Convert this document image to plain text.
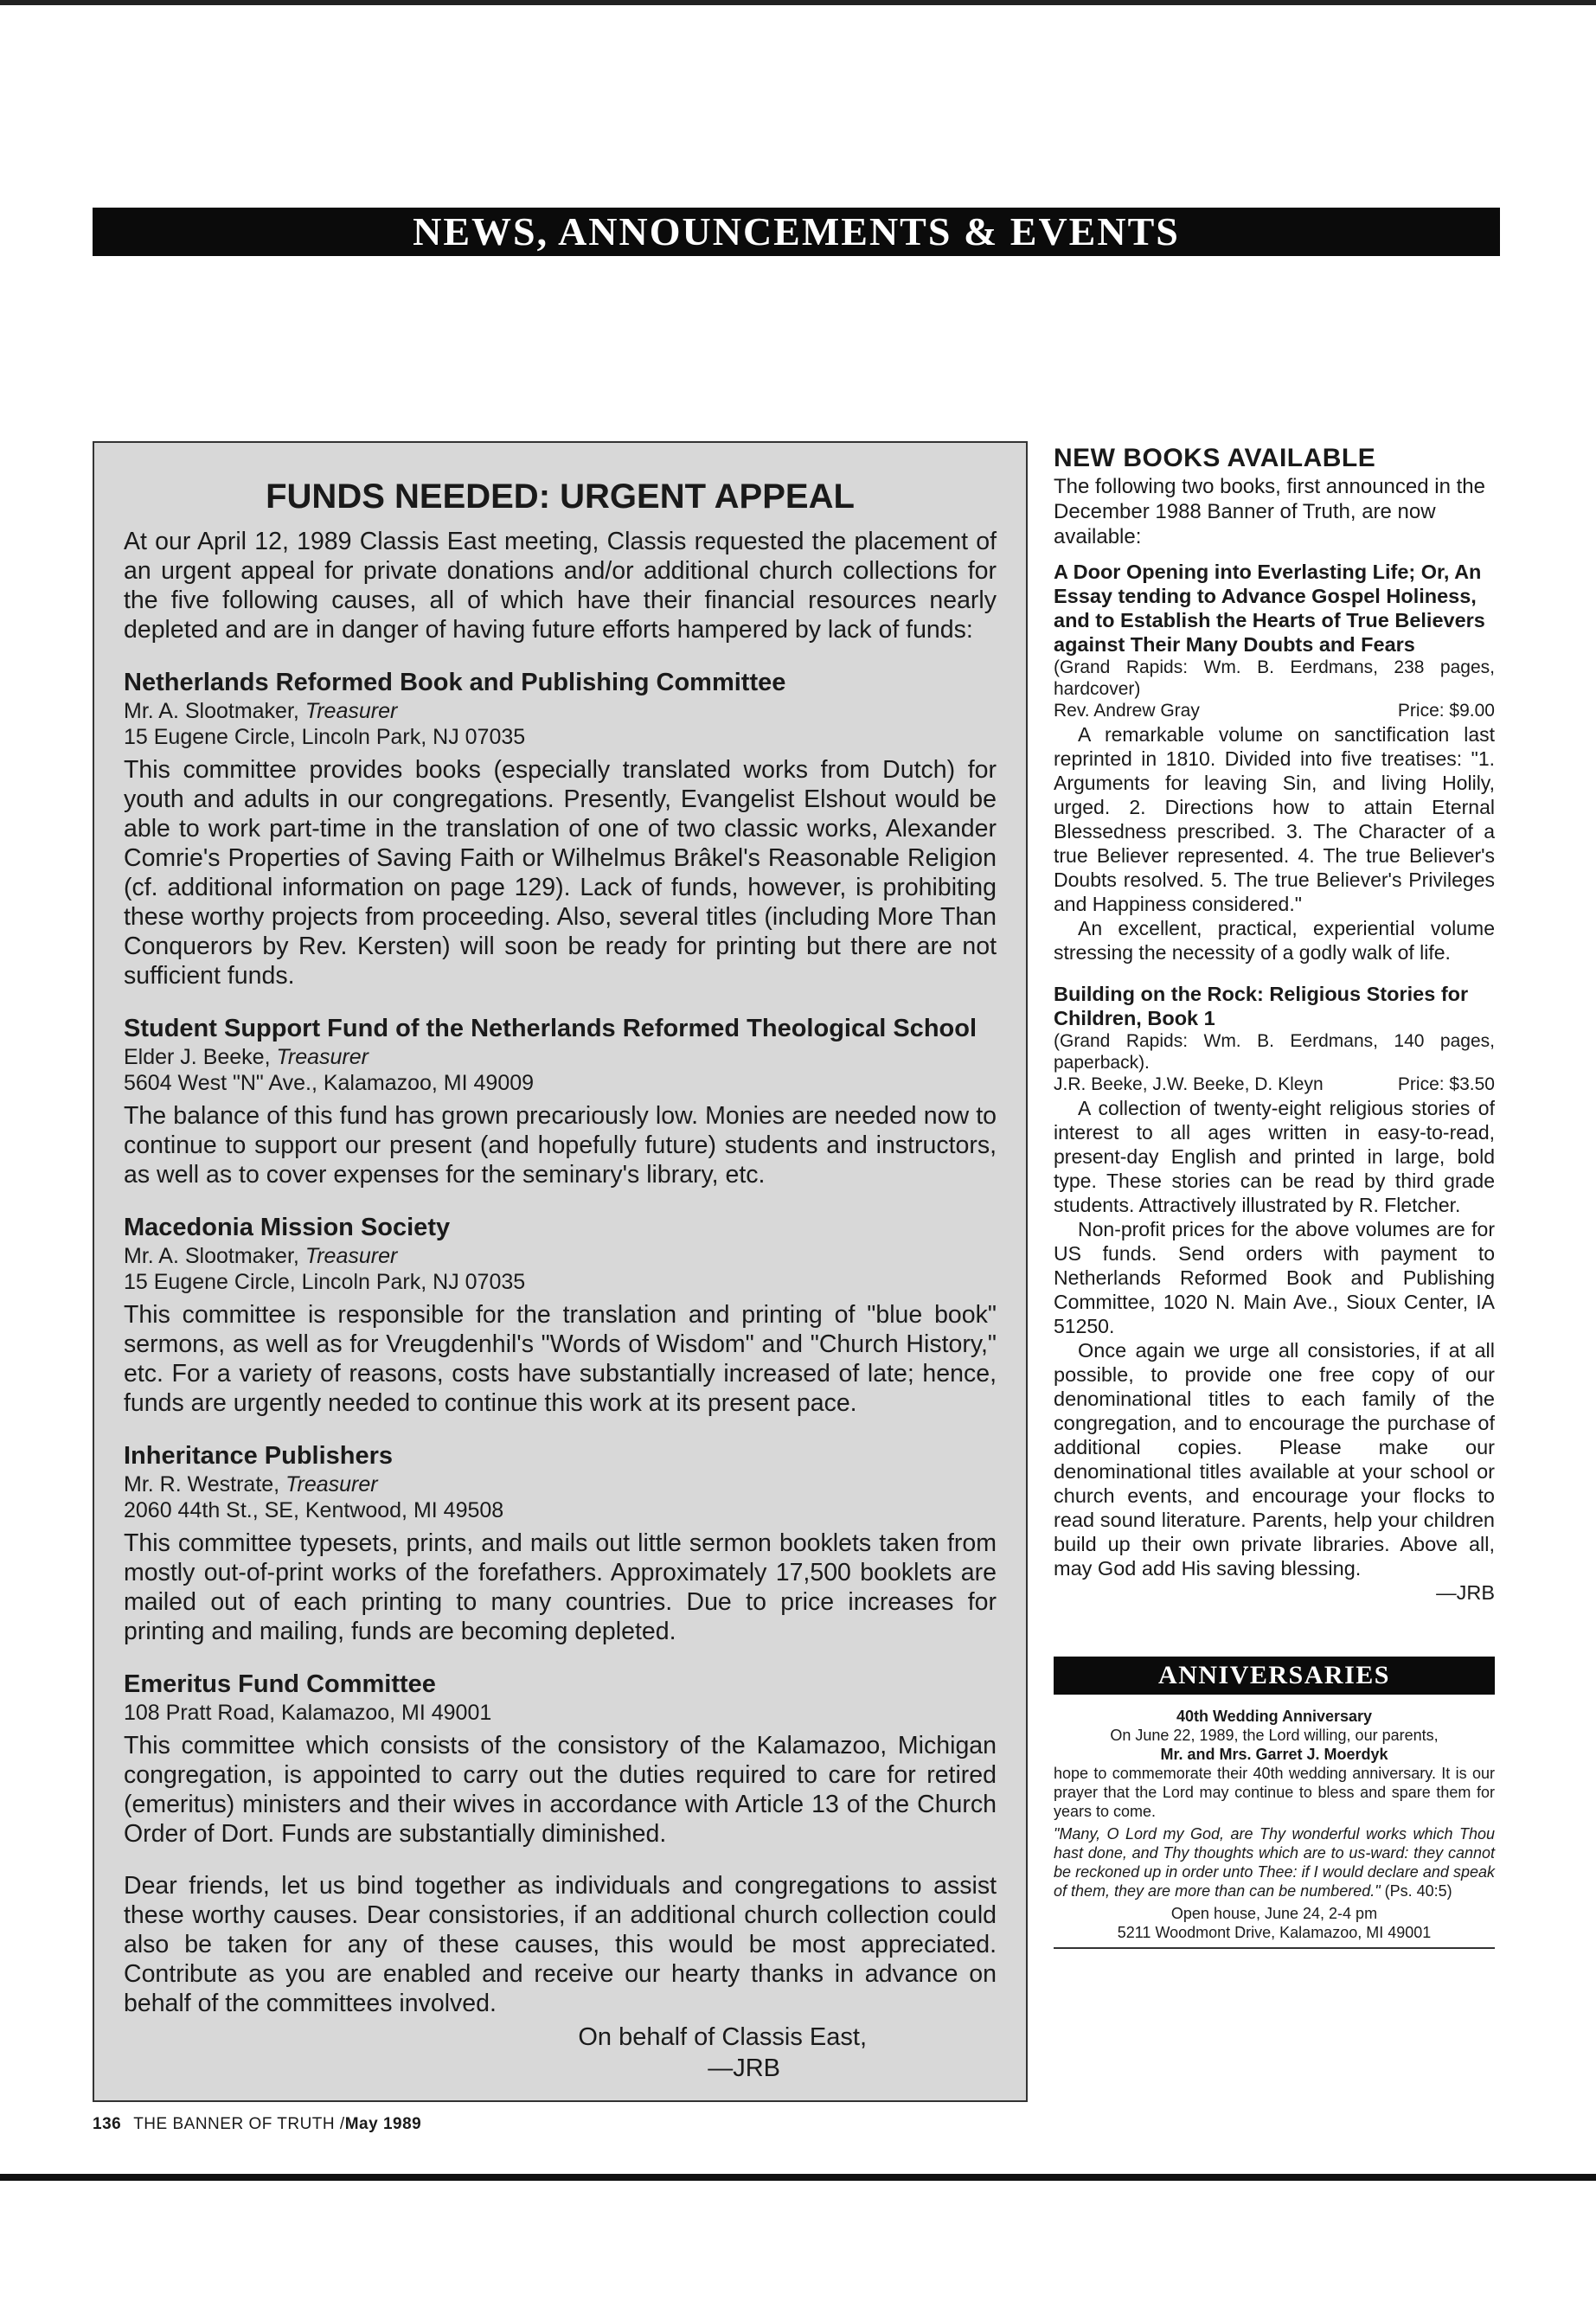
NEWS, ANNOUNCEMENTS & EVENTS
FUNDS NEEDED: URGENT APPEAL

At our April 12, 1989 Classis East meeting, Classis requested the placement of an urgent appeal for private donations and/or additional church collections for the five following causes, all of which have their financial resources nearly depleted and are in danger of having future efforts hampered by lack of funds:

Netherlands Reformed Book and Publishing Committee
Mr. A. Slootmaker, Treasurer
15 Eugene Circle, Lincoln Park, NJ 07035
This committee provides books (especially translated works from Dutch) for youth and adults in our congregations. Presently, Evangelist Elshout would be able to work part-time in the translation of one of two classic works, Alexander Comrie's Properties of Saving Faith or Wilhelmus Brâkel's Reasonable Religion (cf. additional information on page 129). Lack of funds, however, is prohibiting these worthy projects from proceeding. Also, several titles (including More Than Conquerors by Rev. Kersten) will soon be ready for printing but there are not sufficient funds.
Student Support Fund of the Netherlands Reformed Theological School
Elder J. Beeke, Treasurer
5604 West "N" Ave., Kalamazoo, MI 49009
The balance of this fund has grown precariously low. Monies are needed now to continue to support our present (and hopefully future) students and instructors, as well as to cover expenses for the seminary's library, etc.
Macedonia Mission Society
Mr. A. Slootmaker, Treasurer
15 Eugene Circle, Lincoln Park, NJ 07035
This committee is responsible for the translation and printing of "blue book" sermons, as well as for Vreugdenhil's "Words of Wisdom" and "Church History," etc. For a variety of reasons, costs have substantially increased of late; hence, funds are urgently needed to continue this work at its present pace.
Inheritance Publishers
Mr. R. Westrate, Treasurer
2060 44th St., SE, Kentwood, MI 49508
This committee typesets, prints, and mails out little sermon booklets taken from mostly out-of-print works of the forefathers. Approximately 17,500 booklets are mailed out of each printing to many countries. Due to price increases for printing and mailing, funds are becoming depleted.
Emeritus Fund Committee
108 Pratt Road, Kalamazoo, MI 49001
This committee which consists of the consistory of the Kalamazoo, Michigan congregation, is appointed to carry out the duties required to care for retired (emeritus) ministers and their wives in accordance with Article 13 of the Church Order of Dort. Funds are substantially diminished.
Dear friends, let us bind together as individuals and congregations to assist these worthy causes. Dear consistories, if an additional church collection could also be taken for any of these causes, this would be most appreciated. Contribute as you are enabled and receive our hearty thanks in advance on behalf of the committees involved.
On behalf of Classis East,
—JRB
NEW BOOKS AVAILABLE

The following two books, first announced in the December 1988 Banner of Truth, are now available:

A Door Opening into Everlasting Life; Or, An Essay tending to Advance Gospel Holiness, and to Establish the Hearts of True Believers against Their Many Doubts and Fears

(Grand Rapids: Wm. B. Eerdmans, 238 pages, hardcover)

Rev. Andrew Gray	Price: $9.00

A remarkable volume on sanctification last reprinted in 1810. Divided into five treatises: "1. Arguments for leaving Sin, and living Holily, urged. 2. Directions how to attain Eternal Blessedness prescribed. 3. The Character of a true Believer represented. 4. The true Believer's Doubts resolved. 5. The true Believer's Privileges and Happiness considered."

An excellent, practical, experiential volume stressing the necessity of a godly walk of life.

Building on the Rock: Religious Stories for Children, Book 1

(Grand Rapids: Wm. B. Eerdmans, 140 pages, paperback).

J.R. Beeke, J.W. Beeke, D. Kleyn	Price: $3.50

A collection of twenty-eight religious stories of interest to all ages written in easy-to-read, present-day English and printed in large, bold type. These stories can be read by third grade students. Attractively illustrated by R. Fletcher.

Non-profit prices for the above volumes are for US funds. Send orders with payment to Netherlands Reformed Book and Publishing Committee, 1020 N. Main Ave., Sioux Center, IA 51250.

Once again we urge all consistories, if at all possible, to provide one free copy of our denominational titles to each family of the congregation, and to encourage the purchase of additional copies. Please make our denominational titles available at your school or church events, and encourage your flocks to read sound literature. Parents, help your children build up their own private libraries. Above all, may God add His saving blessing.

—JRB
ANNIVERSARIES
40th Wedding Anniversary
On June 22, 1989, the Lord willing, our parents,
Mr. and Mrs. Garret J. Moerdyk
hope to commemorate their 40th wedding anniversary. It is our prayer that the Lord may continue to bless and spare them for years to come.
"Many, O Lord my God, are Thy wonderful works which Thou hast done, and Thy thoughts which are to us-ward: they cannot be reckoned up in order unto Thee: if I would declare and speak of them, they are more than can be numbered." (Ps. 40:5)
Open house, June 24, 2-4 pm
5211 Woodmont Drive, Kalamazoo, MI 49001
136 THE BANNER OF TRUTH /May 1989
